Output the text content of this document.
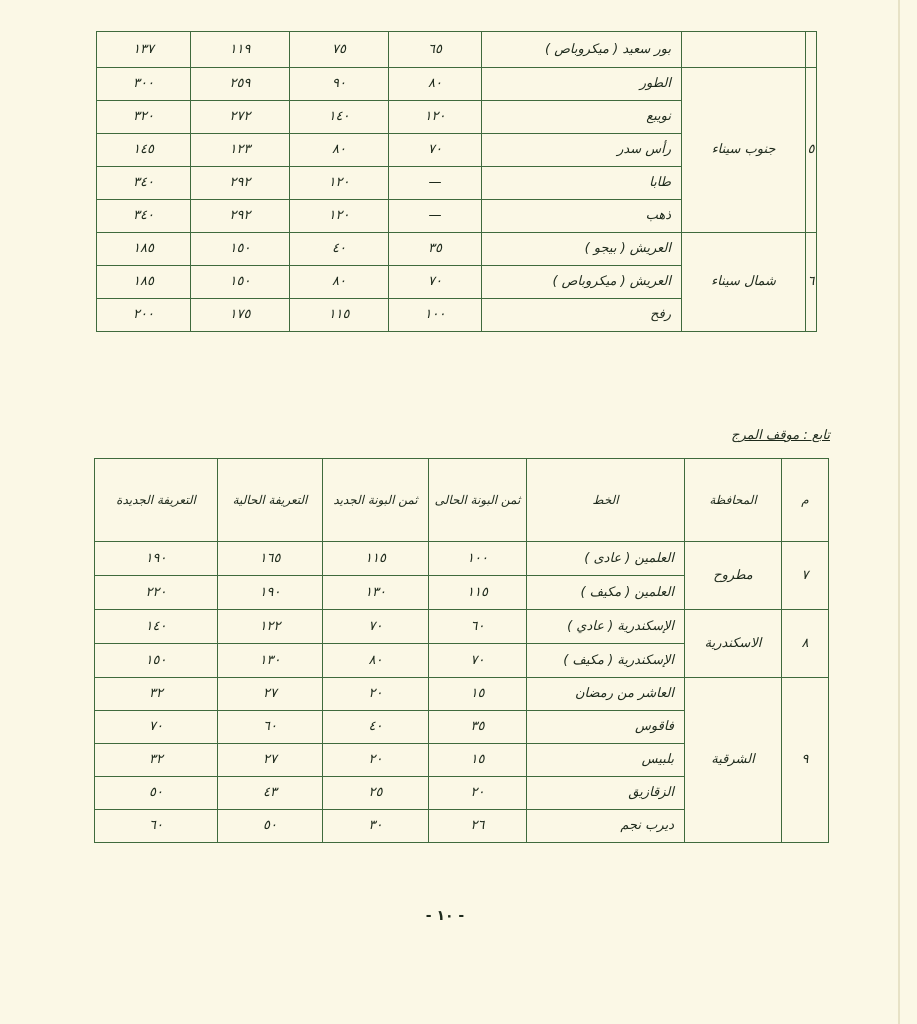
١٣٧	١١٩	٧٥	٦٥	بور سعيد ( ميكروباص )		
٣٠٠	٢٥٩	٩٠	٨٠	الطور	جنوب سيناء	٥
٣٢٠	٢٧٢	١٤٠	١٢٠	نويبع		
١٤٥	١٢٣	٨٠	٧٠	رأس سدر		
٣٤٠	٢٩٢	١٢٠	—	طابا		
٣٤٠	٢٩٢	١٢٠	—	ذهب		
١٨٥	١٥٠	٤٠	٣٥	العريش ( بيجو )	شمال سيناء	٦
١٨٥	١٥٠	٨٠	٧٠	العريش ( ميكروباص )		
٢٠٠	١٧٥	١١٥	١٠٠	رفح		
تابع : موقف المرج
التعريفة الجديدة	التعريفة الحالية	ثمن البونة الجديد	ثمن البونة الحالى	الخط	المحافظة	م
١٩٠	١٦٥	١١٥	١٠٠	العلمين ( عادى )	مطروح	٧
٢٢٠	١٩٠	١٣٠	١١٥	العلمين ( مكيف )		
١٤٠	١٢٢	٧٠	٦٠	الإسكندرية ( عادي )	الاسكندرية	٨
١٥٠	١٣٠	٨٠	٧٠	الإسكندرية ( مكيف )		
٣٢	٢٧	٢٠	١٥	العاشر من رمضان	الشرقية	٩
٧٠	٦٠	٤٠	٣٥	فاقوس		
٣٢	٢٧	٢٠	١٥	بلبيس		
٥٠	٤٣	٢٥	٢٠	الزقازيق		
٦٠	٥٠	٣٠	٢٦	ديرب نجم		
- ١٠ -
